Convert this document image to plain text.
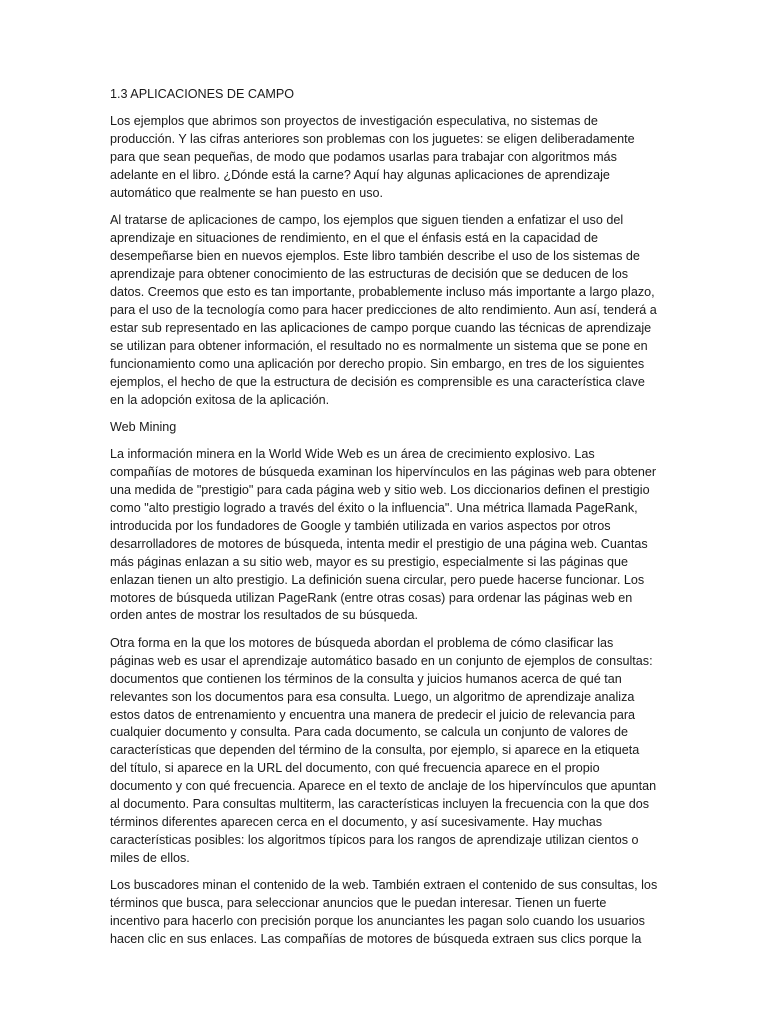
1.3 APLICACIONES DE CAMPO

Los ejemplos que abrimos son proyectos de investigación especulativa, no sistemas de producción. Y las cifras anteriores son problemas con los juguetes: se eligen deliberadamente para que sean pequeñas, de modo que podamos usarlas para trabajar con algoritmos más adelante en el libro. ¿Dónde está la carne? Aquí hay algunas aplicaciones de aprendizaje automático que realmente se han puesto en uso.

Al tratarse de aplicaciones de campo, los ejemplos que siguen tienden a enfatizar el uso del aprendizaje en situaciones de rendimiento, en el que el énfasis está en la capacidad de desempeñarse bien en nuevos ejemplos. Este libro también describe el uso de los sistemas de aprendizaje para obtener conocimiento de las estructuras de decisión que se deducen de los datos. Creemos que esto es tan importante, probablemente incluso más importante a largo plazo, para el uso de la tecnología como para hacer predicciones de alto rendimiento. Aun así, tenderá a estar sub representado en las aplicaciones de campo porque cuando las técnicas de aprendizaje se utilizan para obtener información, el resultado no es normalmente un sistema que se pone en funcionamiento como una aplicación por derecho propio. Sin embargo, en tres de los siguientes ejemplos, el hecho de que la estructura de decisión es comprensible es una característica clave en la adopción exitosa de la aplicación.

Web Mining

La información minera en la World Wide Web es un área de crecimiento explosivo. Las compañías de motores de búsqueda examinan los hipervínculos en las páginas web para obtener una medida de "prestigio" para cada página web y sitio web. Los diccionarios definen el prestigio como "alto prestigio logrado a través del éxito o la influencia". Una métrica llamada PageRank, introducida por los fundadores de Google y también utilizada en varios aspectos por otros desarrolladores de motores de búsqueda, intenta medir el prestigio de una página web. Cuantas más páginas enlazan a su sitio web, mayor es su prestigio, especialmente si las páginas que enlazan tienen un alto prestigio. La definición suena circular, pero puede hacerse funcionar. Los motores de búsqueda utilizan PageRank (entre otras cosas) para ordenar las páginas web en orden antes de mostrar los resultados de su búsqueda.

Otra forma en la que los motores de búsqueda abordan el problema de cómo clasificar las páginas web es usar el aprendizaje automático basado en un conjunto de ejemplos de consultas: documentos que contienen los términos de la consulta y juicios humanos acerca de qué tan relevantes son los documentos para esa consulta. Luego, un algoritmo de aprendizaje analiza estos datos de entrenamiento y encuentra una manera de predecir el juicio de relevancia para cualquier documento y consulta. Para cada documento, se calcula un conjunto de valores de características que dependen del término de la consulta, por ejemplo, si aparece en la etiqueta del título, si aparece en la URL del documento, con qué frecuencia aparece en el propio documento y con qué frecuencia. Aparece en el texto de anclaje de los hipervínculos que apuntan al documento. Para consultas multiterm, las características incluyen la frecuencia con la que dos términos diferentes aparecen cerca en el documento, y así sucesivamente. Hay muchas características posibles: los algoritmos típicos para los rangos de aprendizaje utilizan cientos o miles de ellos.

Los buscadores minan el contenido de la web. También extraen el contenido de sus consultas, los términos que busca, para seleccionar anuncios que le puedan interesar. Tienen un fuerte incentivo para hacerlo con precisión porque los anunciantes les pagan solo cuando los usuarios hacen clic en sus enlaces. Las compañías de motores de búsqueda extraen sus clics porque la
